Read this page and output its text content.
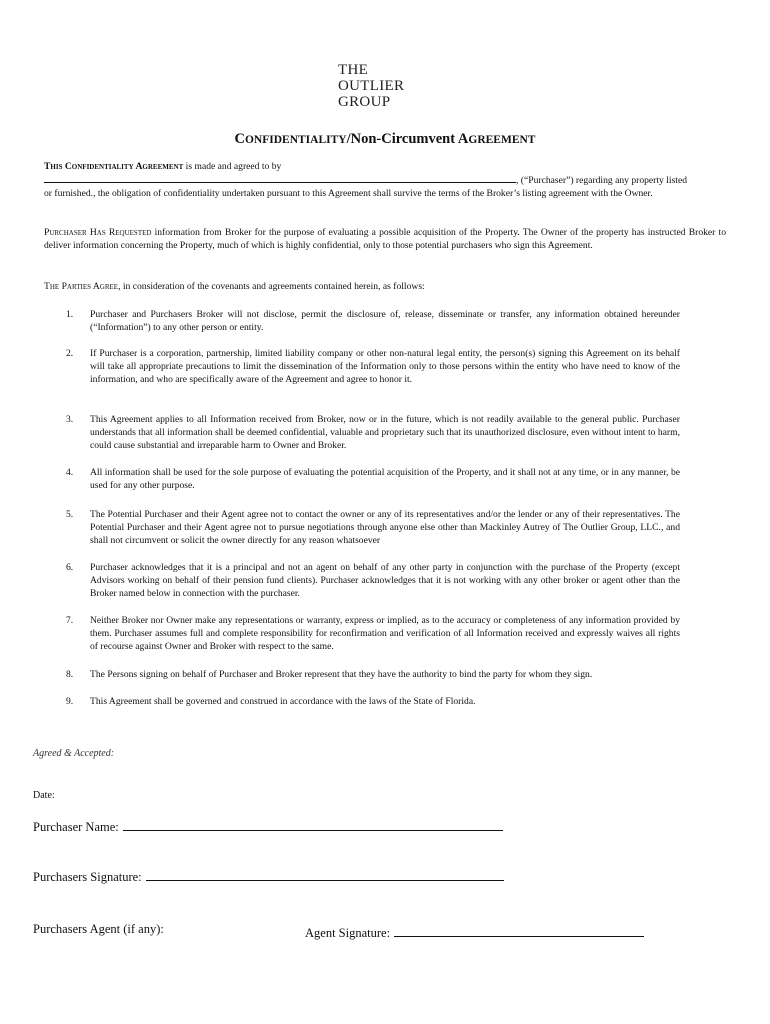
THE
OUTLIER
GROUP
CONFIDENTIALITY/Non-Circumvent AGREEMENT
This Confidentiality Agreement is made and agreed to by
, (“Purchaser”) regarding any property listed
or furnished., the obligation of confidentiality undertaken pursuant to this Agreement shall survive the terms of the Broker’s listing agreement with the Owner.
Purchaser Has Requested information from Broker for the purpose of evaluating a possible acquisition of the Property. The Owner of the property has instructed Broker to deliver information concerning the Property, much of which is highly confidential, only to those potential purchasers who sign this Agreement.
The Parties Agree, in consideration of the covenants and agreements contained herein, as follows:
1.	Purchaser and Purchasers Broker will not disclose, permit the disclosure of, release, disseminate or transfer, any information obtained hereunder (“Information”) to any other person or entity.
2.	If Purchaser is a corporation, partnership, limited liability company or other non-natural legal entity, the person(s) signing this Agreement on its behalf will take all appropriate precautions to limit the dissemination of the Information only to those persons within the entity who have need to know of the information, and who are specifically aware of the Agreement and agree to honor it.
3.	This Agreement applies to all Information received from Broker, now or in the future, which is not readily available to the general public. Purchaser understands that all information shall be deemed confidential, valuable and proprietary such that its unauthorized disclosure, even without intent to harm, could cause substantial and irreparable harm to Owner and Broker.
4.	All information shall be used for the sole purpose of evaluating the potential acquisition of the Property, and it shall not at any time, or in any manner, be used for any other purpose.
5.	The Potential Purchaser and their Agent agree not to contact the owner or any of its representatives and/or the lender or any of their representatives. The Potential Purchaser and their Agent agree not to pursue negotiations through anyone else other than Mackinley Autrey of The Outlier Group, LLC., and shall not circumvent or solicit the owner directly for any reason whatsoever
6.	Purchaser acknowledges that it is a principal and not an agent on behalf of any other party in conjunction with the purchase of the Property (except Advisors working on behalf of their pension fund clients). Purchaser acknowledges that it is not working with any other broker or agent other than the Broker named below in connection with the purchaser.
7.	Neither Broker nor Owner make any representations or warranty, express or implied, as to the accuracy or completeness of any information provided by them. Purchaser assumes full and complete responsibility for reconfirmation and verification of all Information received and expressly waives all rights of recourse against Owner and Broker with respect to the same.
8.	The Persons signing on behalf of Purchaser and Broker represent that they have the authority to bind the party for whom they sign.
9.	This Agreement shall be governed and construed in accordance with the laws of the State of Florida.
Agreed & Accepted:
Date:
Purchaser Name:
Purchasers Signature:
Purchasers Agent (if any):	Agent Signature:
